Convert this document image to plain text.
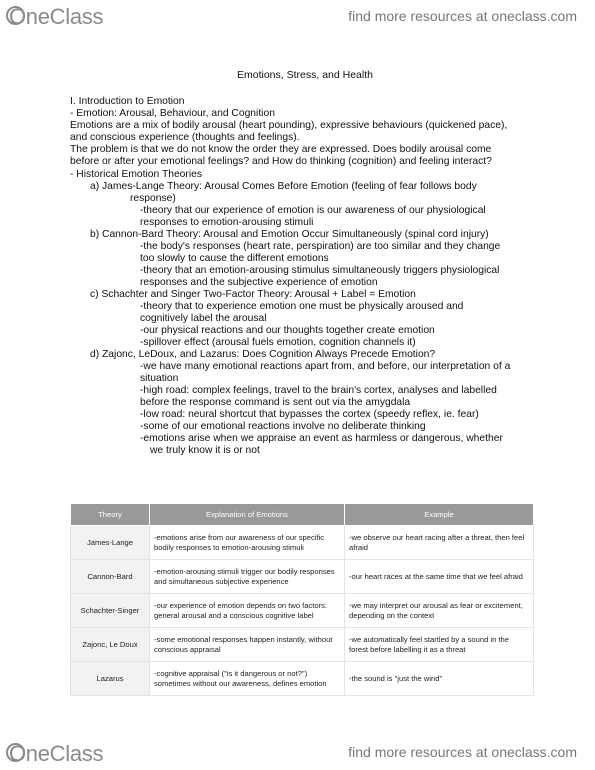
OneClass	find more resources at oneclass.com
Emotions, Stress, and Health
I. Introduction to Emotion
- Emotion: Arousal, Behaviour, and Cognition
Emotions are a mix of bodily arousal (heart pounding), expressive behaviours (quickened pace),
and conscious experience (thoughts and feelings).
The problem is that we do not know the order they are expressed. Does bodily arousal come
before or after your emotional feelings? and How do thinking (cognition) and feeling interact?
- Historical Emotion Theories
a) James-Lange Theory: Arousal Comes Before Emotion (feeling of fear follows body
response)
-theory that our experience of emotion is our awareness of our physiological
responses to emotion-arousing stimuli
b) Cannon-Bard Theory: Arousal and Emotion Occur Simultaneously (spinal cord injury)
-the body's responses (heart rate, perspiration) are too similar and they change
too slowly to cause the different emotions
-theory that an emotion-arousing stimulus simultaneously triggers physiological
responses and the subjective experience of emotion
c) Schachter and Singer Two-Factor Theory: Arousal + Label = Emotion
-theory that to experience emotion one must be physically aroused and
cognitively label the arousal
-our physical reactions and our thoughts together create emotion
-spillover effect (arousal fuels emotion, cognition channels it)
d) Zajonc, LeDoux, and Lazarus: Does Cognition Always Precede Emotion?
-we have many emotional reactions apart from, and before, our interpretation of a
situation
-high road: complex feelings, travel to the brain's cortex, analyses and labelled
before the response command is sent out via the amygdala
-low road: neural shortcut that bypasses the cortex (speedy reflex, ie. fear)
-some of our emotional reactions involve no deliberate thinking
-emotions arise when we appraise an event as harmless or dangerous, whether
we truly know it is or not
Theory	Explanation of Emotions	Example
James-Lange	-emotions arise from our awareness of our specific bodily responses to emotion-arousing stimuli	-we observe our heart racing after a threat, then feel afraid
Cannon-Bard	-emotion-arousing stimuli trigger our bodily responses and simultaneous subjective experience	-our heart races at the same time that we feel afraid
Schachter-Singer	-our experience of emotion depends on two factors: general arousal and a conscious cognitive label	-we may interpret our arousal as fear or excitement, depending on the context
Zajonc, Le Doux	-some emotional responses happen instantly, without conscious appraisal	-we automatically feel startled by a sound in the forest before labelling it as a threat
Lazarus	-cognitive appraisal ("is it dangerous or not?") sometimes without our awareness, defines emotion	-the sound is "just the wind"
OneClass	find more resources at oneclass.com
